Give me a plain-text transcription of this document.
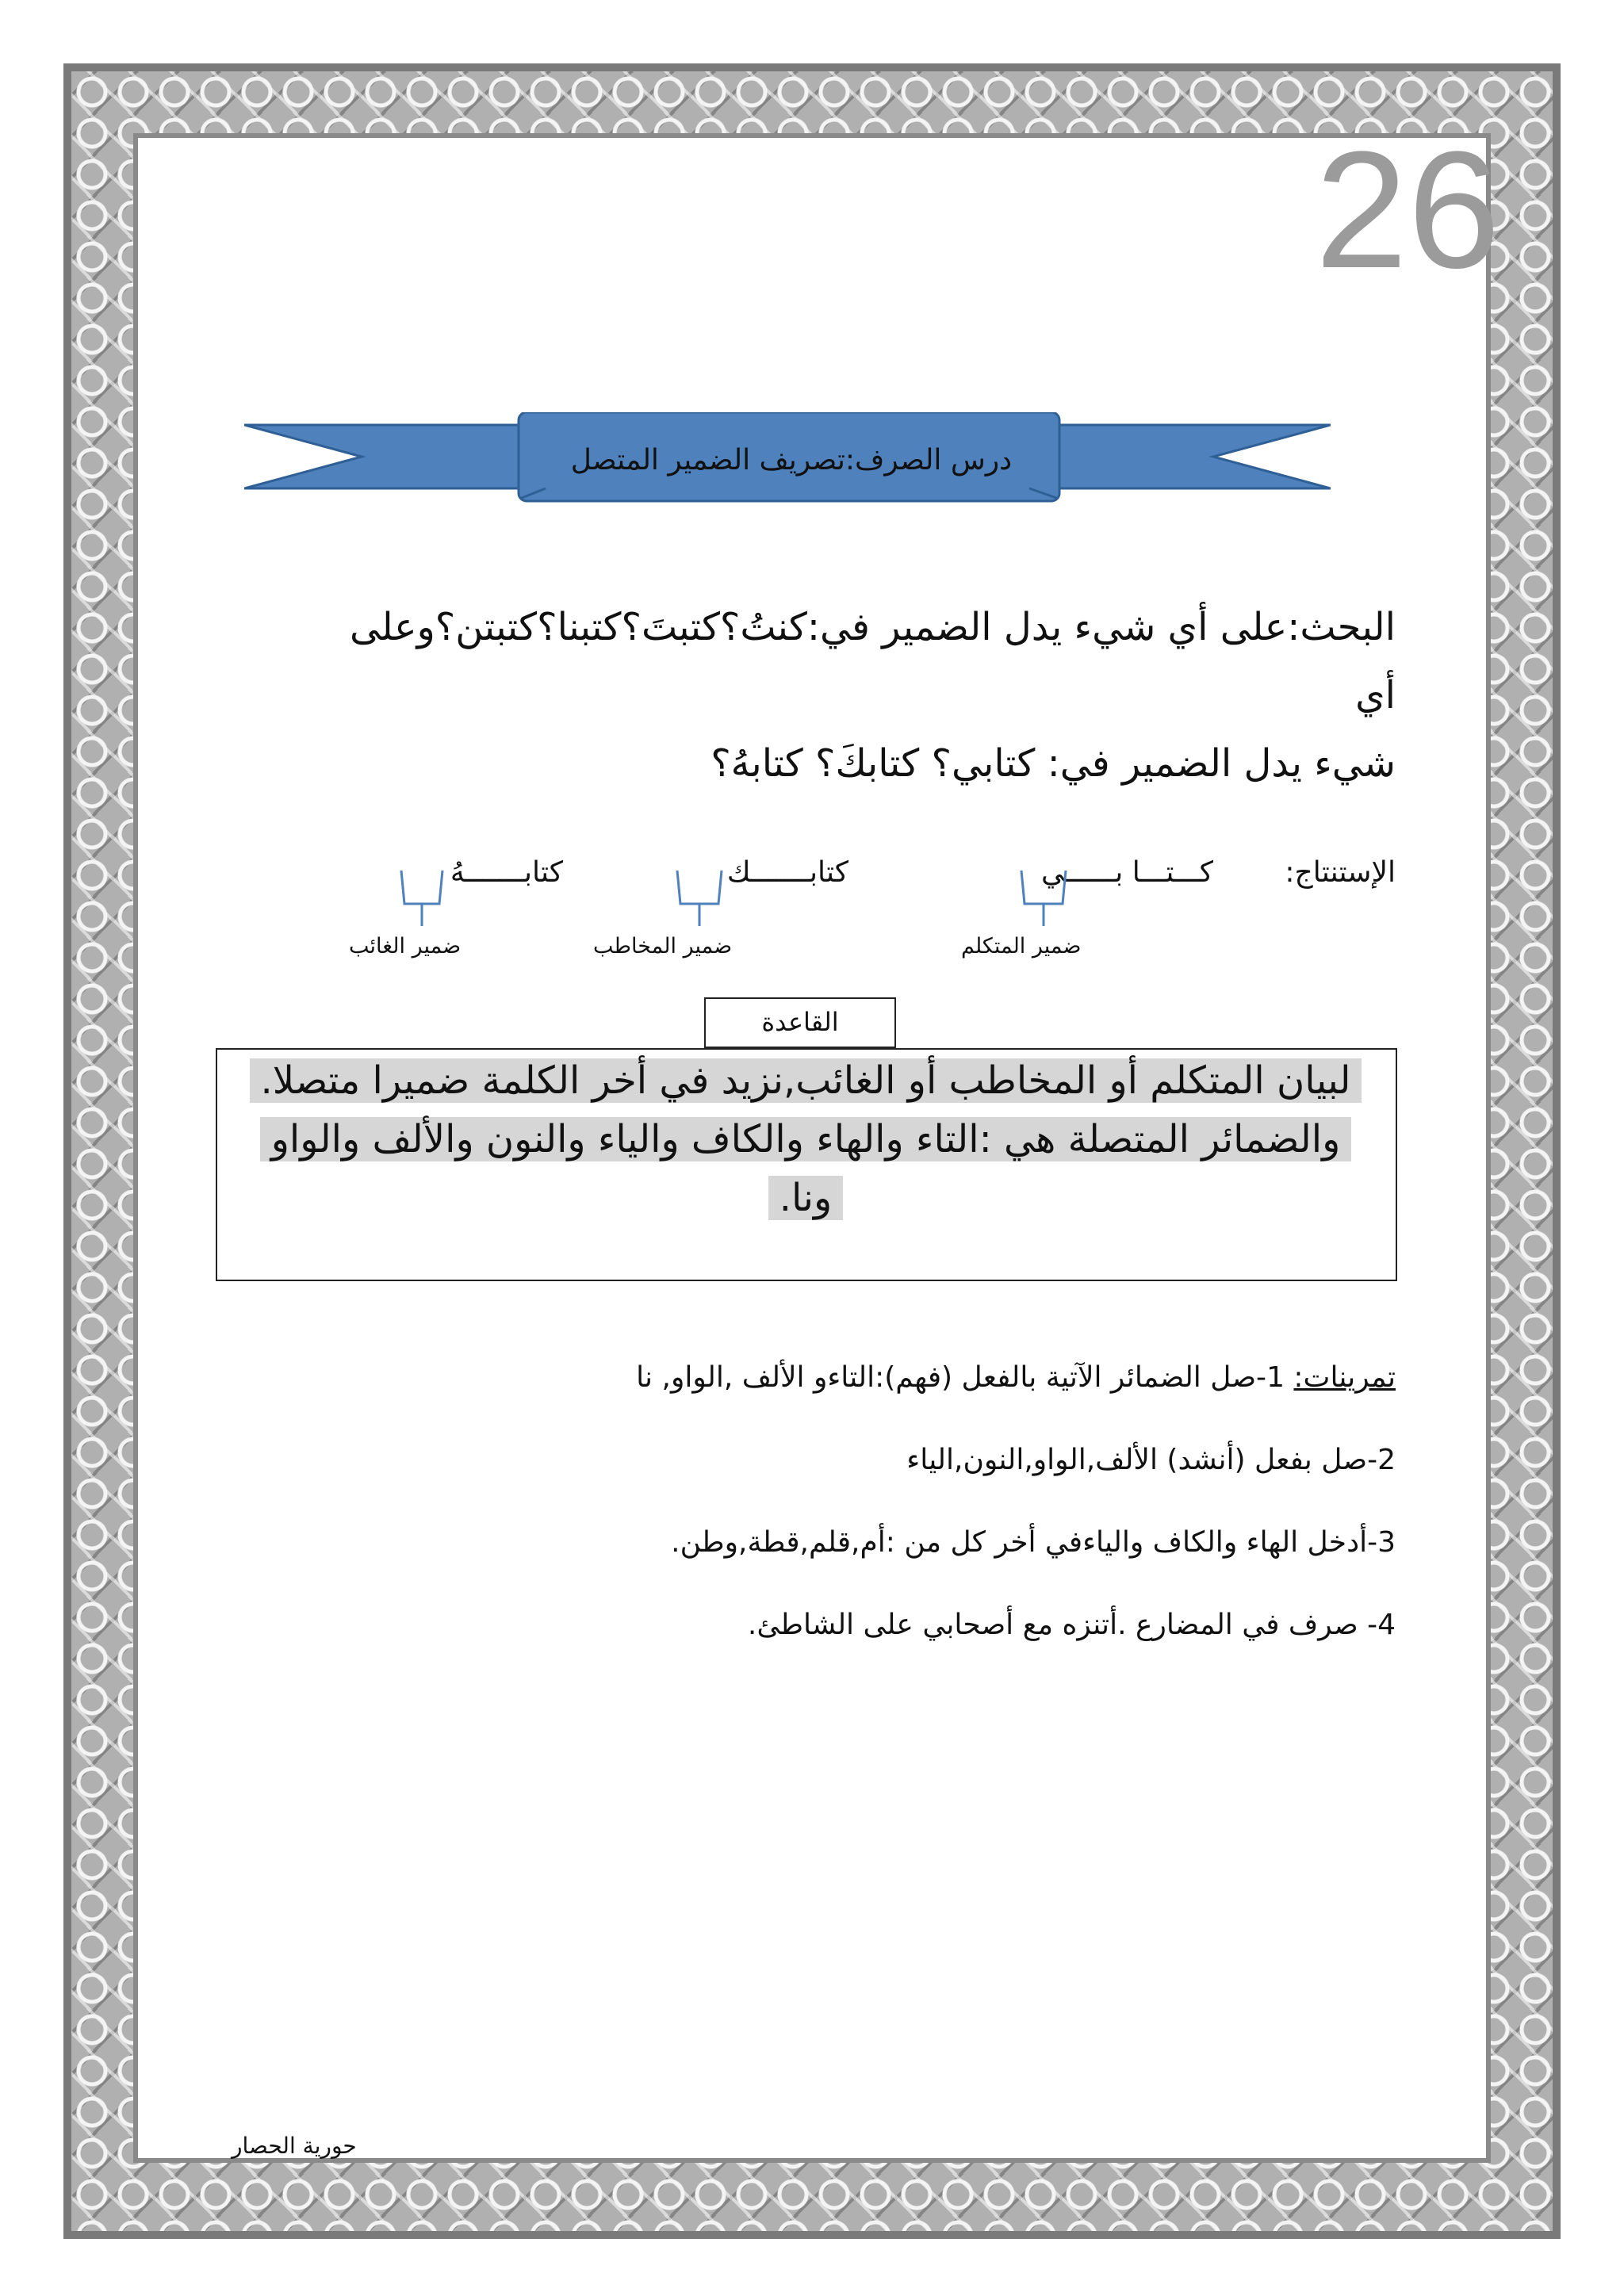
26
درس الصرف:تصريف الضمير المتصل
البحث:على أي شيء يدل الضمير في:كنتُ؟كتبتَ؟كتبنا؟كتبتن؟وعلى أي
شيء يدل الضمير في: كتابي؟ كتابكَ؟ كتابهُ؟
الإستنتاج:
كـــتـــا بــــــي
كتابـــــــك
كتابـــــــهُ
ضمير المتكلم
ضمير المخاطب
ضمير الغائب
القاعدة
لبيان المتكلم أو المخاطب أو الغائب,نزيد في أخر الكلمة ضميرا متصلا. والضمائر المتصلة هي :التاء والهاء والكاف والياء والنون والألف والواو ونا.
تمرينات: 1-صل الضمائر الآتية بالفعل (فهم):التاءو الألف ,الواو, نا
2-صل بفعل (أنشد) الألف,الواو,النون,الياء
3-أدخل الهاء والكاف والياءفي أخر كل من :أم,قلم,قطة,وطن.
4- صرف في المضارع .أتنزه مع أصحابي على الشاطئ.
حورية الحصار
